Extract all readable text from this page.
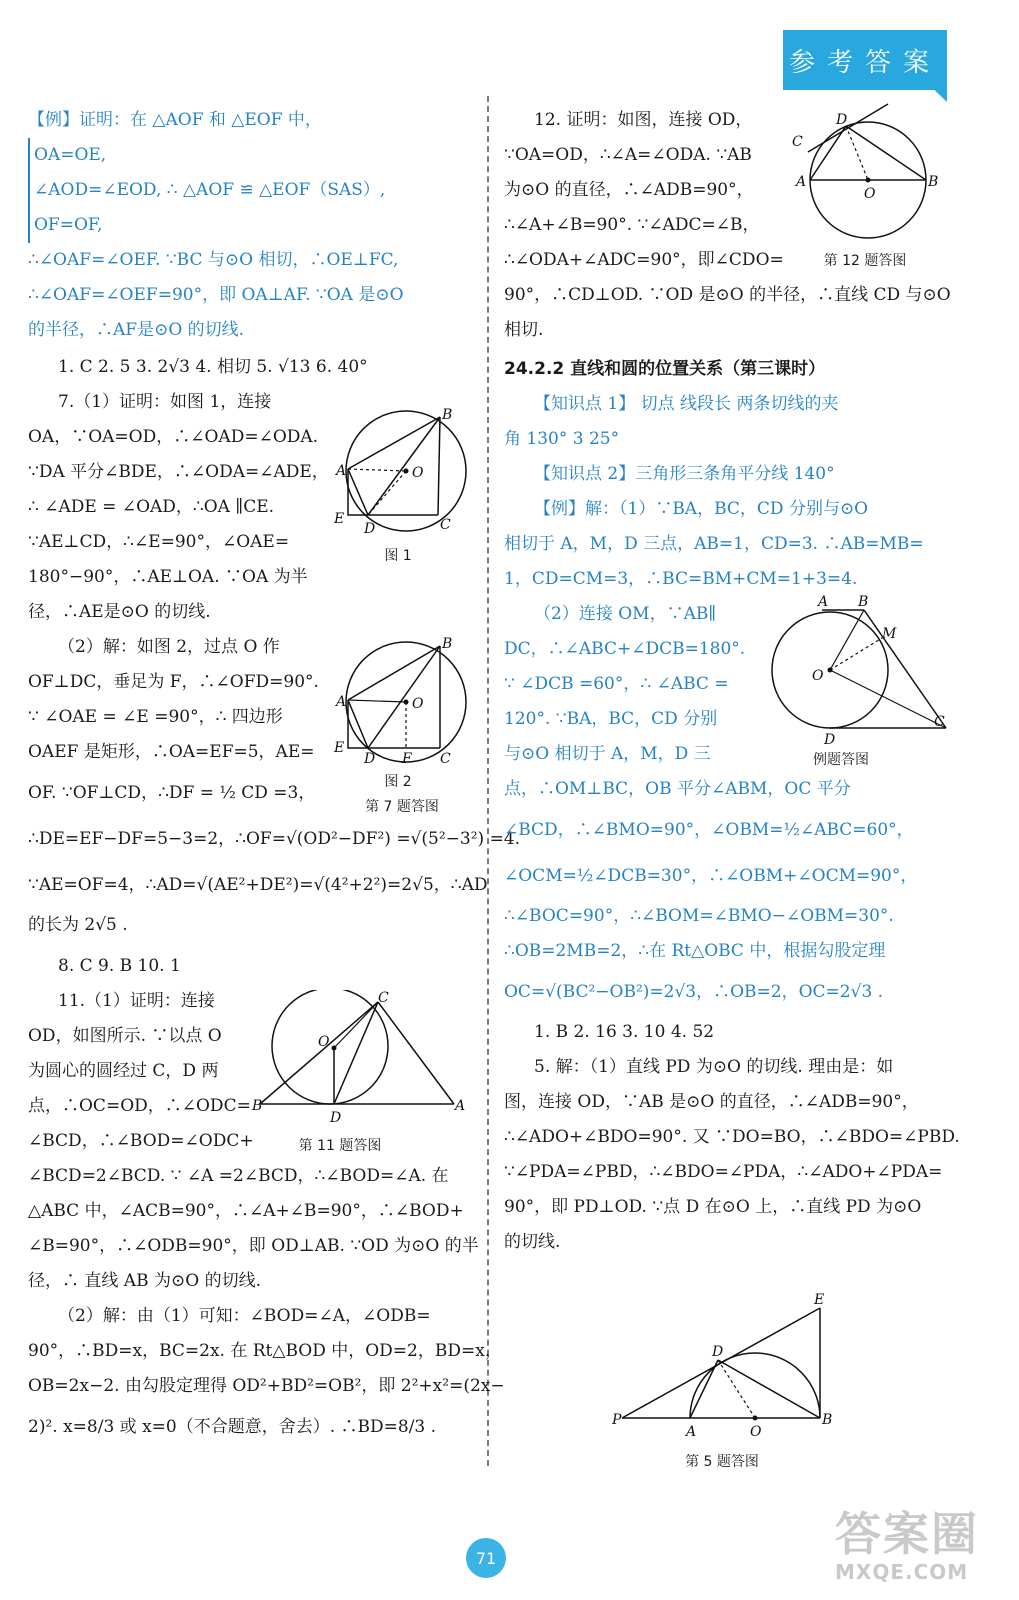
参考答案
【例】证明：在 △AOF 和 △EOF 中，
OA=OE,
∠AOD=∠EOD, ∴ △AOF ≌ △EOF（SAS）,
OF=OF,
∴∠OAF=∠OEF. ∵BC 与⊙O 相切，∴OE⊥FC,
∴∠OAF=∠OEF=90°，即 OA⊥AF. ∵OA 是⊙O
的半径，∴AF是⊙O 的切线.
1. C 2. 5 3. 2√3 4. 相切 5. √13 6. 40°
7.（1）证明：如图 1，连接
OA，∵OA=OD，∴∠OAD=∠ODA.
∵DA 平分∠BDE，∴∠ODA=∠ADE，
∴ ∠ADE = ∠OAD，∴OA ∥CE.
∵AE⊥CD，∴∠E=90°，∠OAE=
180°−90°，∴AE⊥OA. ∵OA 为半
径，∴AE是⊙O 的切线.
（2）解：如图 2，过点 O 作
OF⊥DC，垂足为 F，∴∠OFD=90°.
∵ ∠OAE = ∠E =90°，∴ 四边形
OAEF 是矩形，∴OA=EF=5，AE=
OF. ∵OF⊥CD，∴DF = ½ CD =3，
∴DE=EF−DF=5−3=2，∴OF=√(OD²−DF²) =√(5²−3²) =4.
∵AE=OF=4，∴AD=√(AE²+DE²)=√(4²+2²)=2√5，∴AD
的长为 2√5 .
8. C 9. B 10. 1
11.（1）证明：连接
OD，如图所示. ∵以点 O
为圆心的圆经过 C，D 两
点，∴OC=OD，∴∠ODC=
∠BCD，∴∠BOD=∠ODC+
∠BCD=2∠BCD. ∵ ∠A =2∠BCD，∴∠BOD=∠A. 在
△ABC 中，∠ACB=90°，∴∠A+∠B=90°，∴∠BOD+
∠B=90°，∴∠ODB=90°，即 OD⊥AB. ∵OD 为⊙O 的半
径，∴ 直线 AB 为⊙O 的切线.
（2）解：由（1）可知：∠BOD=∠A，∠ODB=
90°，∴BD=x，BC=2x. 在 Rt△BOD 中，OD=2，BD=x，
OB=2x−2. 由勾股定理得 OD²+BD²=OB²，即 2²+x²=(2x−
2)². x=8/3 或 x=0（不合题意，舍去）. ∴BD=8/3 .
A
B
C
D
E
O
图 1
A
B
C
D
E
F
O
图 2
第 7 题答图
B
C
D
A
O
第 11 题答图
12. 证明：如图，连接 OD，
∵OA=OD，∴∠A=∠ODA. ∵AB
为⊙O 的直径，∴∠ADB=90°，
∴∠A+∠B=90°. ∵∠ADC=∠B，
∴∠ODA+∠ADC=90°，即∠CDO=
90°，∴CD⊥OD. ∵OD 是⊙O 的半径，∴直线 CD 与⊙O
相切.
24.2.2 直线和圆的位置关系（第三课时）
【知识点 1】 切点 线段长 两条切线的夹
角 130° 3 25°
【知识点 2】三角形三条角平分线 140°
【例】解：（1）∵BA，BC，CD 分别与⊙O
相切于 A，M，D 三点，AB=1，CD=3. ∴AB=MB=
1，CD=CM=3，∴BC=BM+CM=1+3=4.
（2）连接 OM，∵AB∥
DC，∴∠ABC+∠DCB=180°.
∵ ∠DCB =60°，∴ ∠ABC =
120°. ∵BA，BC，CD 分别
与⊙O 相切于 A，M，D 三
点，∴OM⊥BC，OB 平分∠ABM，OC 平分
∠BCD，∴∠BMO=90°，∠OBM=½∠ABC=60°，
∠OCM=½∠DCB=30°，∴∠OBM+∠OCM=90°，
∴∠BOC=90°，∴∠BOM=∠BMO−∠OBM=30°.
∴OB=2MB=2，∴在 Rt△OBC 中，根据勾股定理
OC=√(BC²−OB²)=2√3，∴OB=2，OC=2√3 .
1. B 2. 16 3. 10 4. 52
5. 解：（1）直线 PD 为⊙O 的切线. 理由是：如
图，连接 OD，∵AB 是⊙O 的直径，∴∠ADB=90°，
∴∠ADO+∠BDO=90°. 又 ∵DO=BO，∴∠BDO=∠PBD.
∵∠PDA=∠PBD，∴∠BDO=∠PDA，∴∠ADO+∠PDA=
90°，即 PD⊥OD. ∵点 D 在⊙O 上，∴直线 PD 为⊙O
的切线.
A	B
C
D
O
第 12 题答图
A B
M
O
C
D
例题答图
P
A	O
B
E
D
第 5 题答图
71	答案圈
MXQE.COM
